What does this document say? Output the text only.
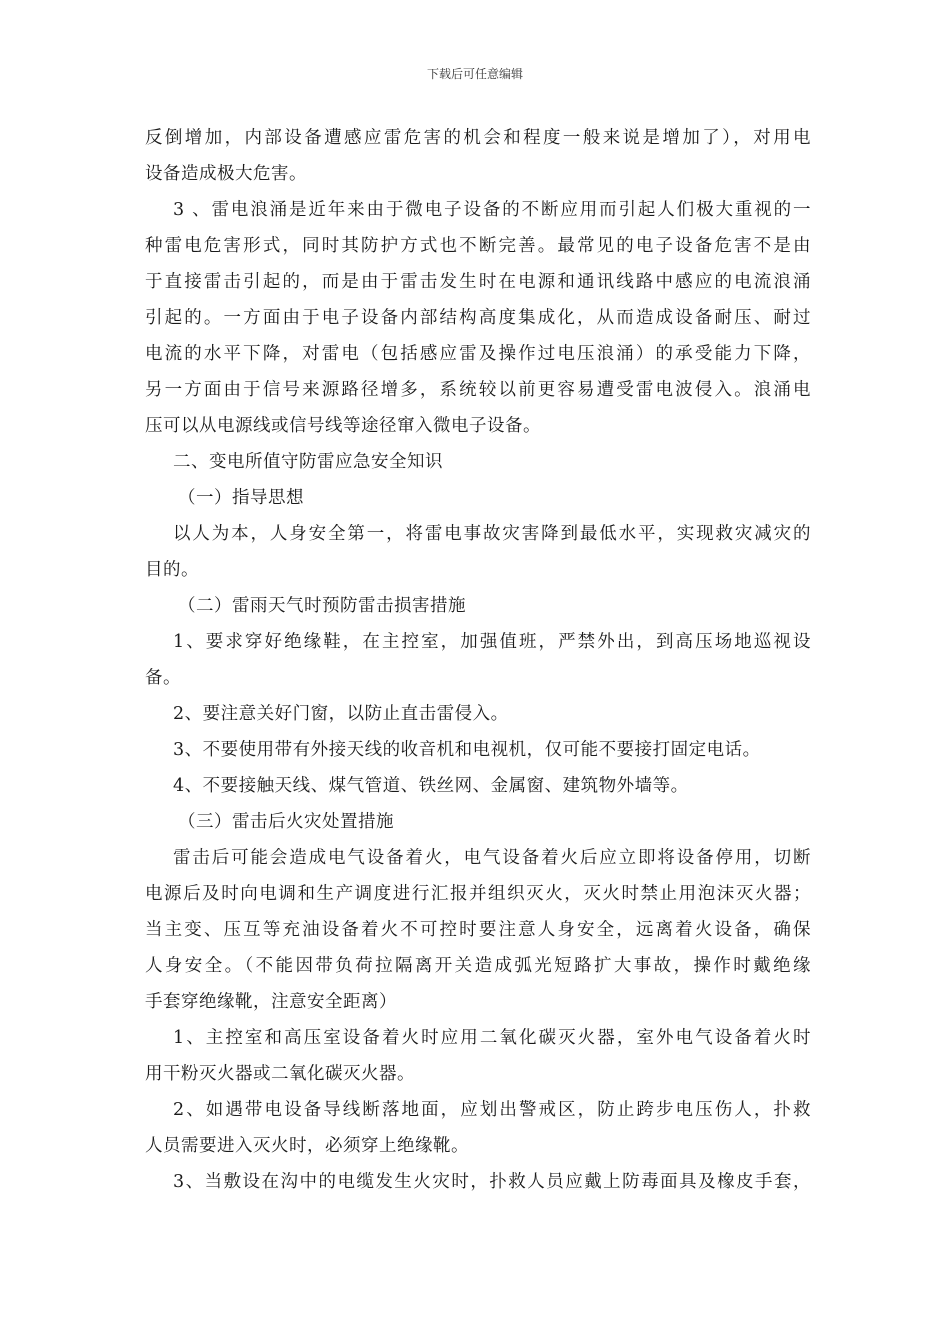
下载后可任意编辑
反倒增加，内部设备遭感应雷危害的机会和程度一般来说是增加了），对用电
设备造成极大危害。
3 、雷电浪涌是近年来由于微电子设备的不断应用而引起人们极大重视的一
种雷电危害形式，同时其防护方式也不断完善。最常见的电子设备危害不是由
于直接雷击引起的，而是由于雷击发生时在电源和通讯线路中感应的电流浪涌
引起的。一方面由于电子设备内部结构高度集成化，从而造成设备耐压、耐过
电流的水平下降，对雷电（包括感应雷及操作过电压浪涌）的承受能力下降，
另一方面由于信号来源路径增多，系统较以前更容易遭受雷电波侵入。浪涌电
压可以从电源线或信号线等途径窜入微电子设备。
二、变电所值守防雷应急安全知识
（一）指导思想
以人为本，人身安全第一，将雷电事故灾害降到最低水平，实现救灾减灾的
目的。
（二）雷雨天气时预防雷击损害措施
1、要求穿好绝缘鞋，在主控室，加强值班，严禁外出，到高压场地巡视设
备。
2、要注意关好门窗，以防止直击雷侵入。
3、不要使用带有外接天线的收音机和电视机，仅可能不要接打固定电话。
4、不要接触天线、煤气管道、铁丝网、金属窗、建筑物外墙等。
（三）雷击后火灾处置措施
雷击后可能会造成电气设备着火，电气设备着火后应立即将设备停用，切断
电源后及时向电调和生产调度进行汇报并组织灭火，灭火时禁止用泡沫灭火器；
当主变、压互等充油设备着火不可控时要注意人身安全，远离着火设备，确保
人身安全。（不能因带负荷拉隔离开关造成弧光短路扩大事故，操作时戴绝缘
手套穿绝缘靴，注意安全距离）
1、主控室和高压室设备着火时应用二氧化碳灭火器，室外电气设备着火时
用干粉灭火器或二氧化碳灭火器。
2、如遇带电设备导线断落地面，应划出警戒区，防止跨步电压伤人，扑救
人员需要进入灭火时，必须穿上绝缘靴。
3、当敷设在沟中的电缆发生火灾时，扑救人员应戴上防毒面具及橡皮手套，
